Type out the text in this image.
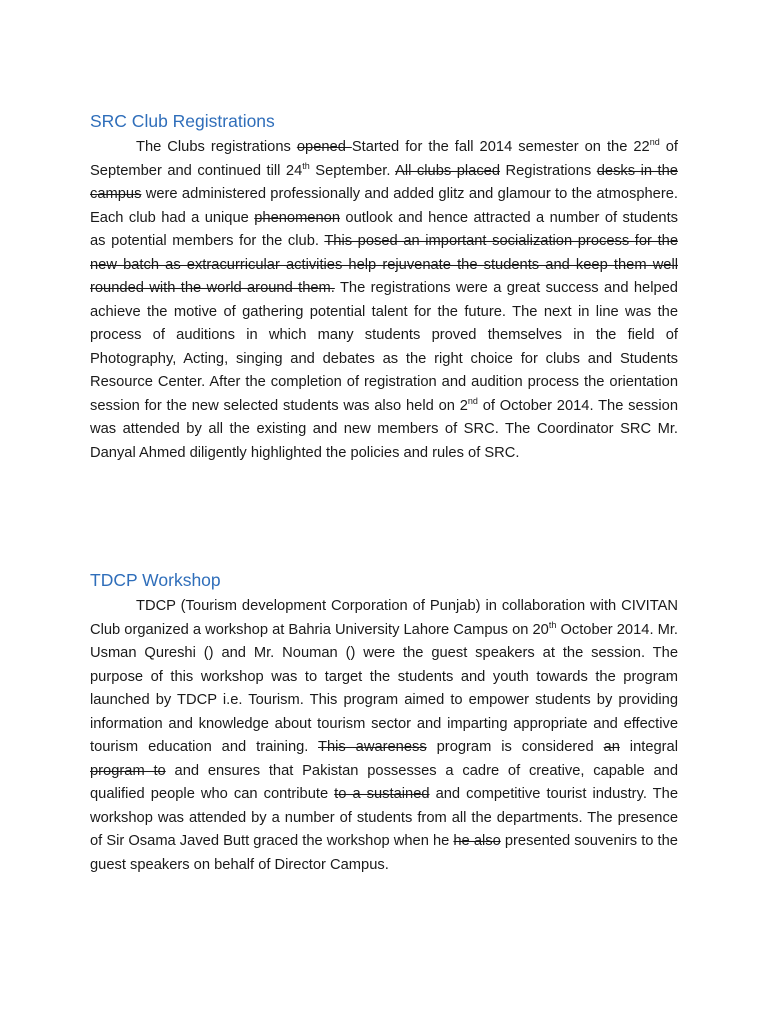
SRC Club Registrations

The Clubs registrations opened Started for the fall 2014 semester on the 22nd of September and continued till 24th September. All clubs placed Registrations desks in the campus were administered professionally and added glitz and glamour to the atmosphere. Each club had a unique phenomenon outlook and hence attracted a number of students as potential members for the club. This posed an important socialization process for the new batch as extracurricular activities help rejuvenate the students and keep them well rounded with the world around them. The registrations were a great success and helped achieve the motive of gathering potential talent for the future. The next in line was the process of auditions in which many students proved themselves in the field of Photography, Acting, singing and debates as the right choice for clubs and Students Resource Center. After the completion of registration and audition process the orientation session for the new selected students was also held on 2nd of October 2014. The session was attended by all the existing and new members of SRC. The Coordinator SRC Mr. Danyal Ahmed diligently highlighted the policies and rules of SRC.

TDCP Workshop

TDCP (Tourism development Corporation of Punjab) in collaboration with CIVITAN Club organized a workshop at Bahria University Lahore Campus on 20th October 2014. Mr. Usman Qureshi () and Mr. Nouman () were the guest speakers at the session. The purpose of this workshop was to target the students and youth towards the program launched by TDCP i.e. Tourism. This program aimed to empower students by providing information and knowledge about tourism sector and imparting appropriate and effective tourism education and training. This awareness program is considered an integral program to and ensures that Pakistan possesses a cadre of creative, capable and qualified people who can contribute to a sustained and competitive tourist industry. The workshop was attended by a number of students from all the departments. The presence of Sir Osama Javed Butt graced the workshop when he he also presented souvenirs to the guest speakers on behalf of Director Campus.
